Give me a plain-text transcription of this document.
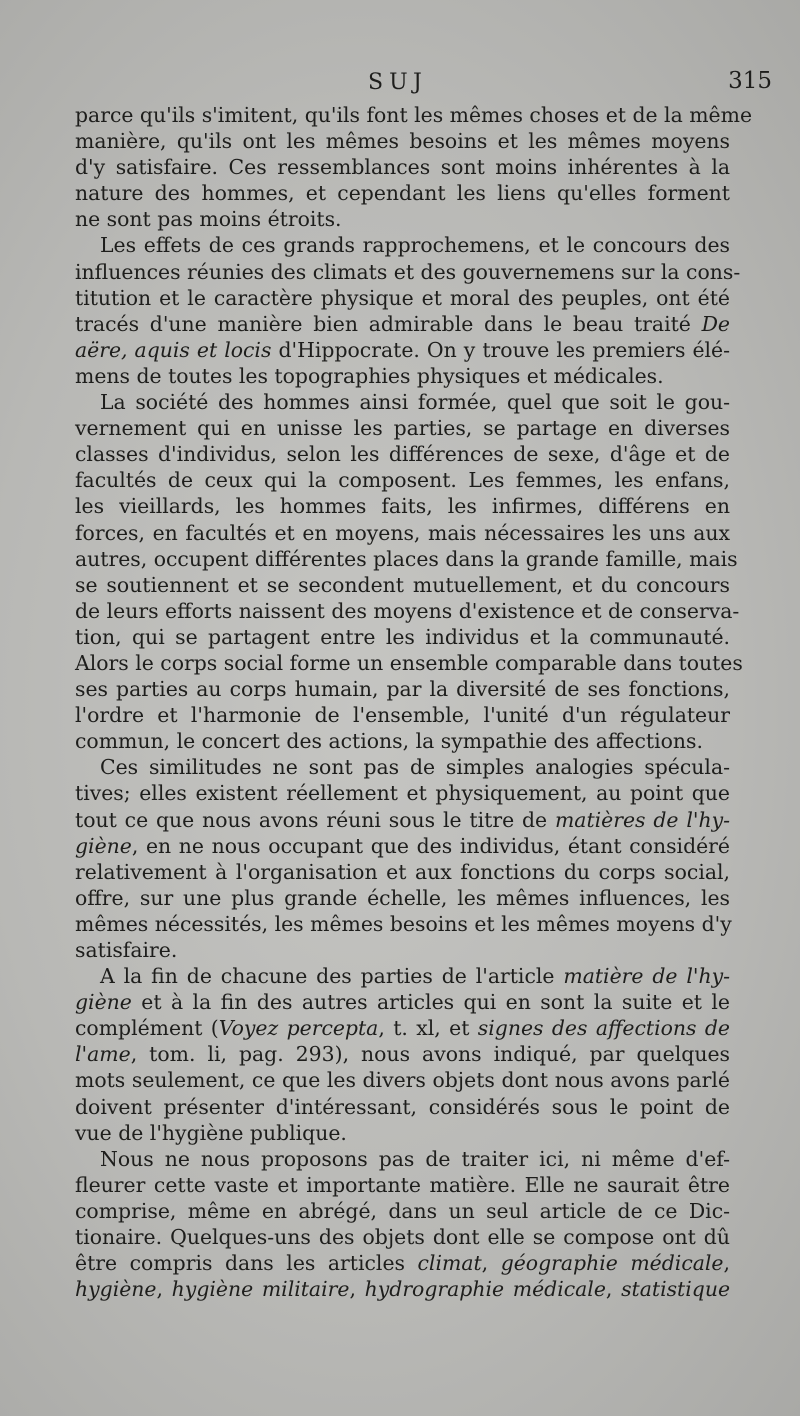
SUJ	315
parce qu'ils s'imitent, qu'ils font les mêmes choses et de la même
manière, qu'ils ont les mêmes besoins et les mêmes moyens
d'y satisfaire. Ces ressemblances sont moins inhérentes à la
nature des hommes, et cependant les liens qu'elles forment
ne sont pas moins étroits.
Les effets de ces grands rapprochemens, et le concours des
influences réunies des climats et des gouvernemens sur la cons-
titution et le caractère physique et moral des peuples, ont été
tracés d'une manière bien admirable dans le beau traité De
aëre, aquis et locis d'Hippocrate. On y trouve les premiers élé-
mens de toutes les topographies physiques et médicales.
La société des hommes ainsi formée, quel que soit le gou-
vernement qui en unisse les parties, se partage en diverses
classes d'individus, selon les différences de sexe, d'âge et de
facultés de ceux qui la composent. Les femmes, les enfans,
les vieillards, les hommes faits, les infirmes, différens en
forces, en facultés et en moyens, mais nécessaires les uns aux
autres, occupent différentes places dans la grande famille, mais
se soutiennent et se secondent mutuellement, et du concours
de leurs efforts naissent des moyens d'existence et de conserva-
tion, qui se partagent entre les individus et la communauté.
Alors le corps social forme un ensemble comparable dans toutes
ses parties au corps humain, par la diversité de ses fonctions,
l'ordre et l'harmonie de l'ensemble, l'unité d'un régulateur
commun, le concert des actions, la sympathie des affections.
Ces similitudes ne sont pas de simples analogies spécula-
tives; elles existent réellement et physiquement, au point que
tout ce que nous avons réuni sous le titre de matières de l'hy-
giène, en ne nous occupant que des individus, étant considéré
relativement à l'organisation et aux fonctions du corps social,
offre, sur une plus grande échelle, les mêmes influences, les
mêmes nécessités, les mêmes besoins et les mêmes moyens d'y
satisfaire.
A la fin de chacune des parties de l'article matière de l'hy-
giène et à la fin des autres articles qui en sont la suite et le
complément (Voyez percepta, t. xl, et signes des affections de
l'ame, tom. li, pag. 293), nous avons indiqué, par quelques
mots seulement, ce que les divers objets dont nous avons parlé
doivent présenter d'intéressant, considérés sous le point de
vue de l'hygiène publique.
Nous ne nous proposons pas de traiter ici, ni même d'ef-
fleurer cette vaste et importante matière. Elle ne saurait être
comprise, même en abrégé, dans un seul article de ce Dic-
tionaire. Quelques-uns des objets dont elle se compose ont dû
être compris dans les articles climat, géographie médicale,
hygiène, hygiène militaire, hydrographie médicale, statistique
